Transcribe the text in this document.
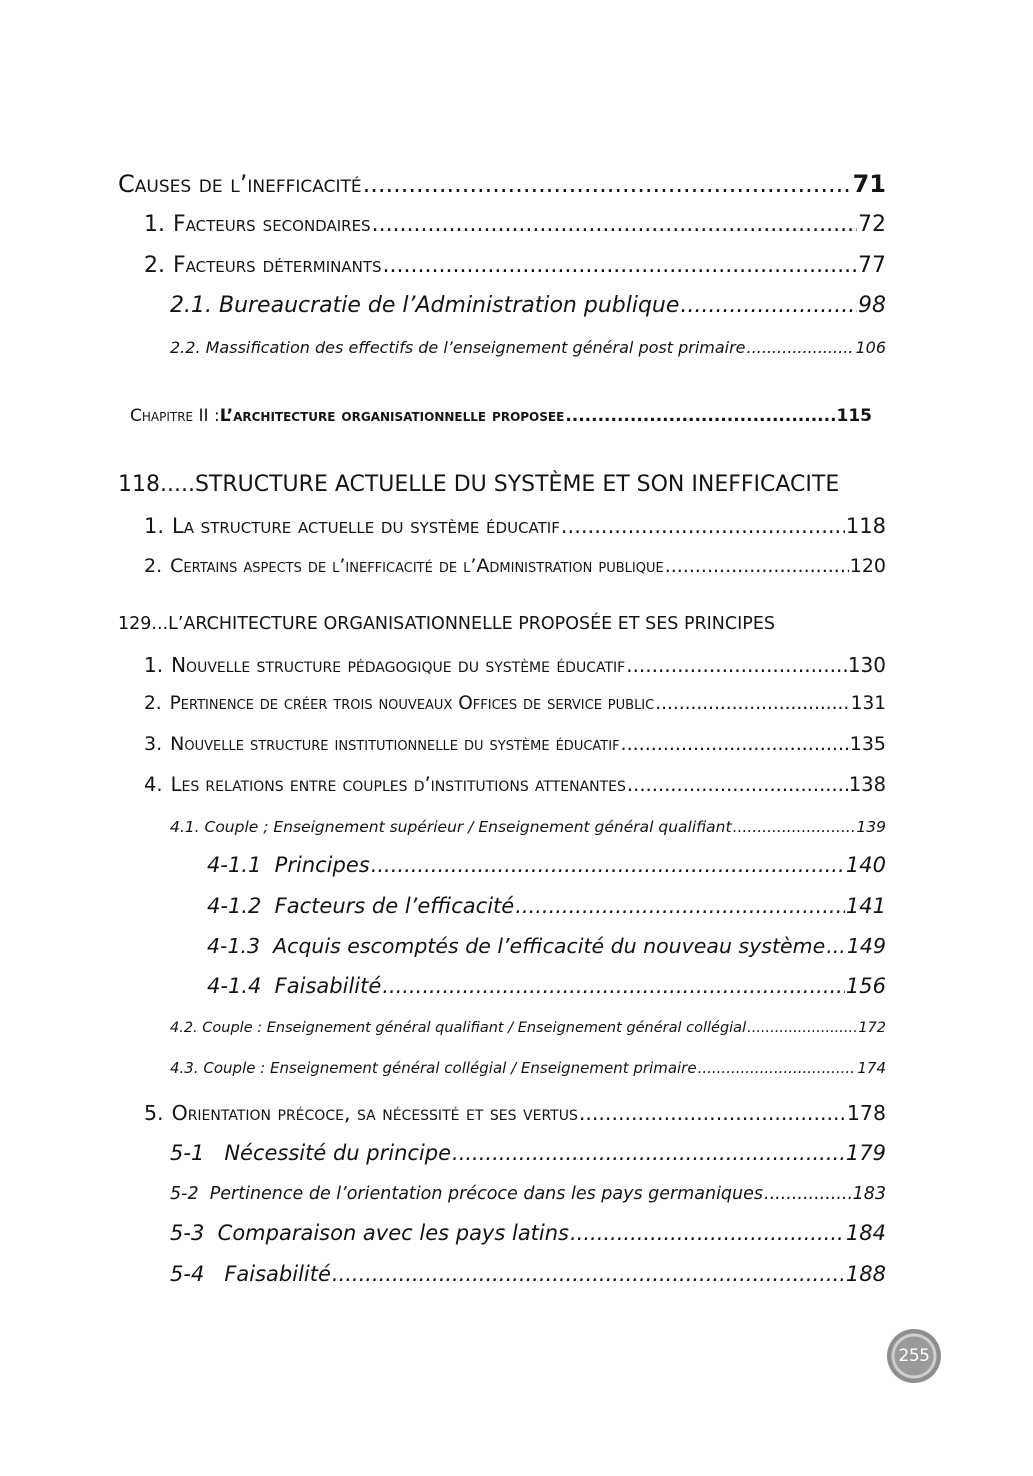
Causes de l’inefficacité .....	71
1. Facteurs secondaires .....	72
2. Facteurs déterminants .....	77
2.1. Bureaucratie de l’Administration publique .....	98
2.2. Massification des effectifs de l’enseignement général post primaire .....	106
Chapitre II : L’architecture organisationnelle proposee .....	115
118.....STRUCTURE ACTUELLE DU SYSTÈME ET SON INEFFICACITE
1. La structure actuelle du système éducatif .....	118
2. Certains aspects de l’inefficacité de l’Administration publique .....	120
129...L’ARCHITECTURE ORGANISATIONNELLE PROPOSÉE ET SES PRINCIPES
1. Nouvelle structure pédagogique du système éducatif .....	130
2. Pertinence de créer trois nouveaux Offices de service public .....	131
3. Nouvelle structure institutionnelle du système éducatif .....	135
4. Les relations entre couples d’institutions attenantes .....	138
4.1. Couple ; Enseignement supérieur / Enseignement général qualifiant .....	139
4-1.1  Principes .....	140
4-1.2  Facteurs de l’efficacité .....	141
4-1.3  Acquis escomptés de l’efficacité du nouveau système ..... 149
4-1.4  Faisabilité .....	156
4.2. Couple : Enseignement général qualifiant / Enseignement général collégial .....	172
4.3. Couple : Enseignement général collégial / Enseignement primaire .....	174
5. Orientation précoce, sa nécessité et ses vertus .....	178
5-1   Nécessité du principe .....	179
5-2  Pertinence de l’orientation précoce dans les pays germaniques .....	183
5-3  Comparaison avec les pays latins .....	184
5-4   Faisabilité .....	188
255
